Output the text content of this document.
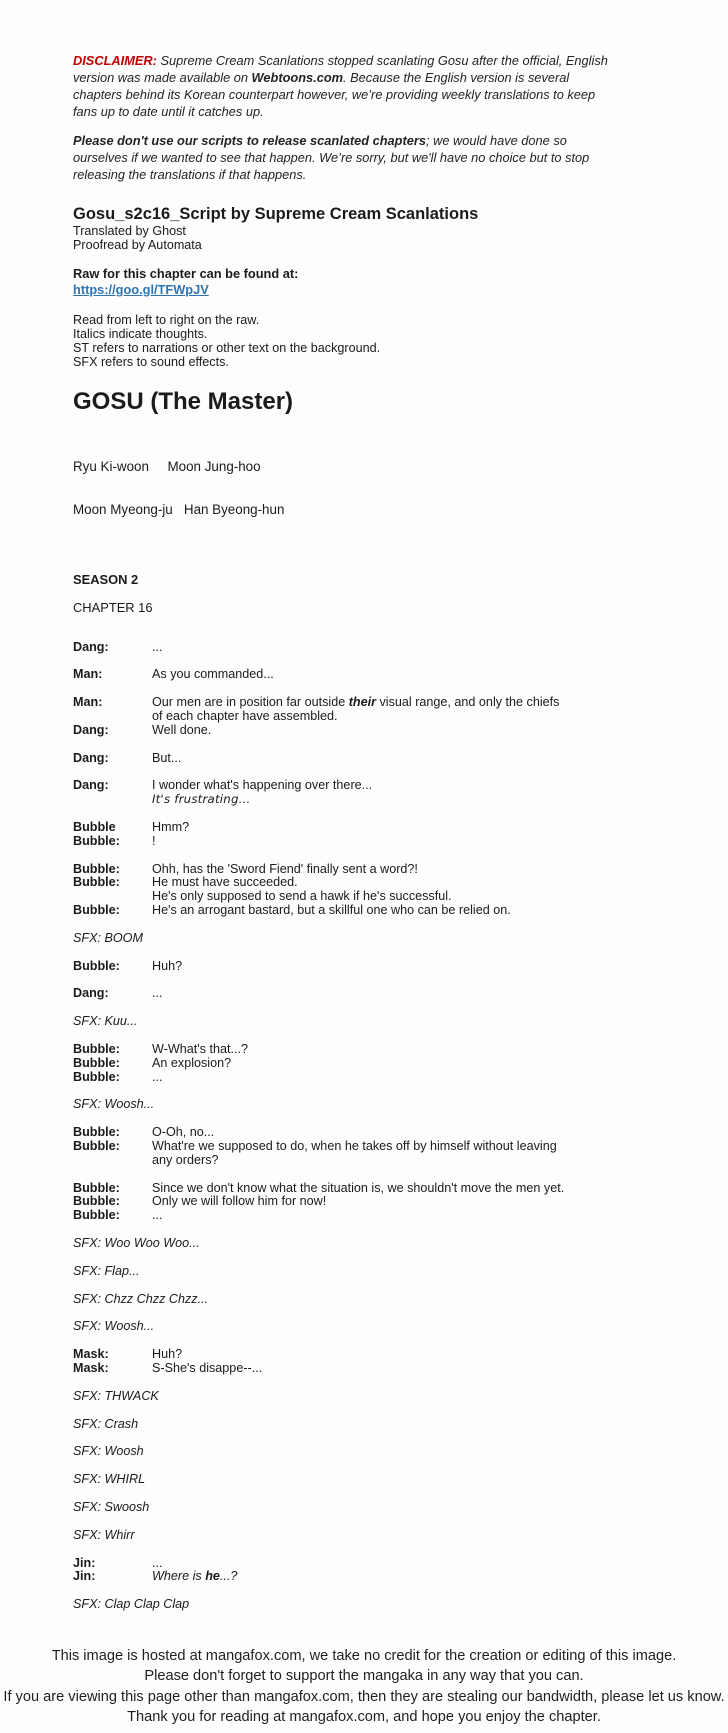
DISCLAIMER: Supreme Cream Scanlations stopped scanlating Gosu after the official, English version was made available on Webtoons.com. Because the English version is several chapters behind its Korean counterpart however, we’re providing weekly translations to keep fans up to date until it catches up.

Please don't use our scripts to release scanlated chapters; we would have done so ourselves if we wanted to see that happen. We’re sorry, but we'll have no choice but to stop releasing the translations if that happens.

Gosu_s2c16_Script by Supreme Cream Scanlations
Translated by Ghost
Proofread by Automata
Raw for this chapter can be found at:
https://goo.gl/TFWpJV
Read from left to right on the raw.
Italics indicate thoughts.
ST refers to narrations or other text on the background.
SFX refers to sound effects.
GOSU (The Master)

Ryu Ki-woon     Moon Jung-hoo

Moon Myeong-ju   Han Byeong-hun

SEASON 2
CHAPTER 16
Dang:	...
Man:	As you commanded...
Man:	Our men are in position far outside their visual range, and only the chiefs
of each chapter have assembled.
Dang:	Well done.
Dang:	But...
Dang:	I wonder what's happening over there...
It's frustrating...
Bubble	Hmm?
Bubble:	!
Bubble:	Ohh, has the 'Sword Fiend' finally sent a word?!
Bubble:	He must have succeeded.
He's only supposed to send a hawk if he's successful.
Bubble:	He's an arrogant bastard, but a skillful one who can be relied on.
SFX: BOOM
Bubble:	Huh?
Dang:	...
SFX: Kuu...
Bubble:	W-What's that...?
Bubble:	An explosion?
Bubble:	...
SFX: Woosh...
Bubble:	O-Oh, no...
Bubble:	What're we supposed to do, when he takes off by himself without leaving
any orders?
Bubble:	Since we don't know what the situation is, we shouldn't move the men yet.
Bubble:	Only we will follow him for now!
Bubble:	...
SFX: Woo Woo Woo...
SFX: Flap...
SFX: Chzz Chzz Chzz...
SFX: Woosh...
Mask:	Huh?
Mask:	S-She's disappe--...
SFX: THWACK
SFX: Crash
SFX: Woosh
SFX: WHIRL
SFX: Swoosh
SFX: Whirr
Jin:	...
Jin:	Where is he...?
SFX: Clap Clap Clap
This image is hosted at mangafox.com, we take no credit for the creation or editing of this image.
Please don't forget to support the mangaka in any way that you can.
If you are viewing this page other than mangafox.com, then they are stealing our bandwidth, please let us know.
Thank you for reading at mangafox.com, and hope you enjoy the chapter.
